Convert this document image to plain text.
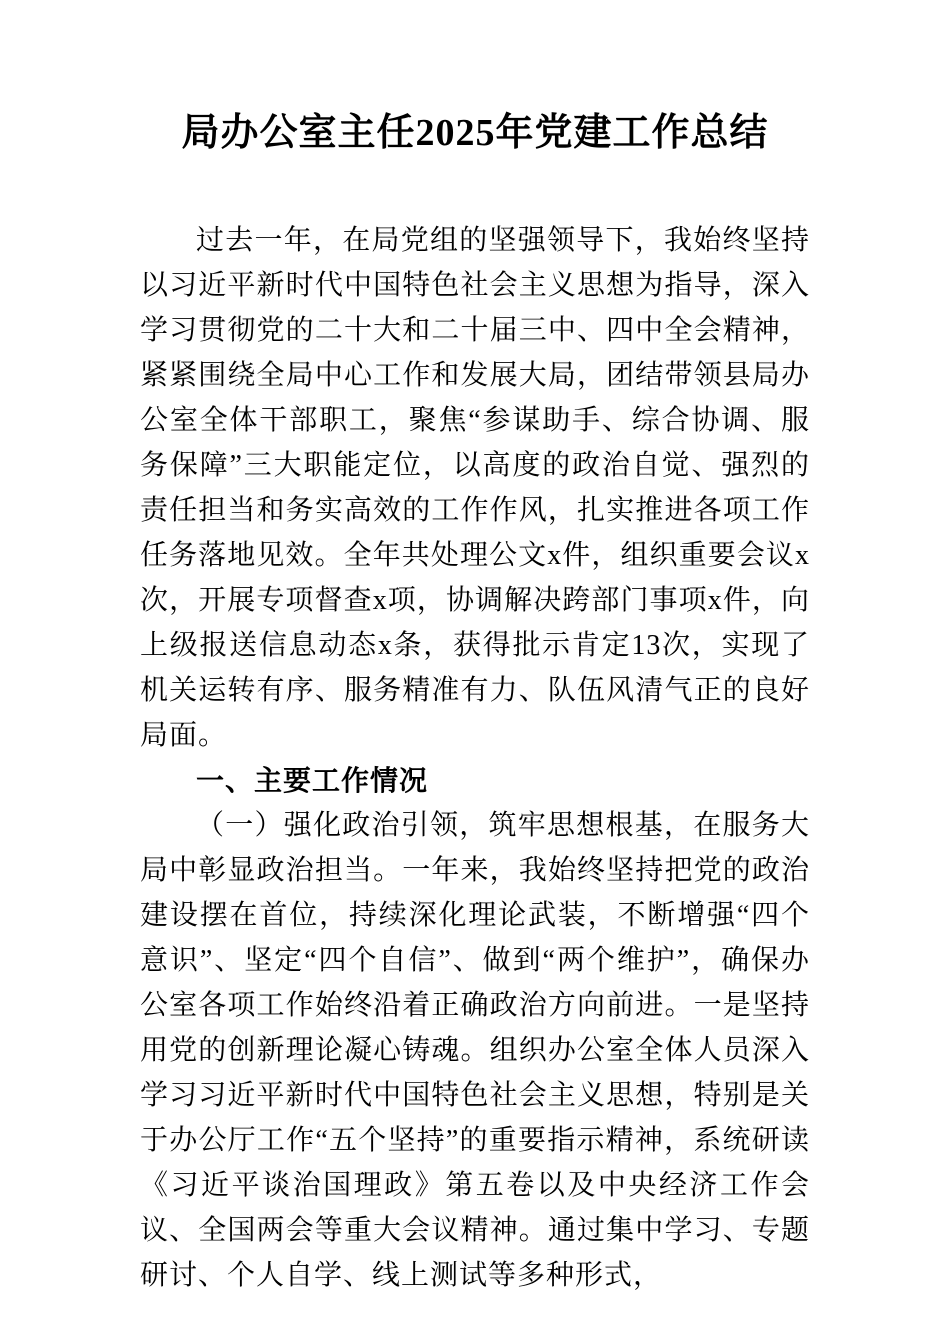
局办公室主任2025年党建工作总结

过去一年，在局党组的坚强领导下，我始终坚持以习近平新时代中国特色社会主义思想为指导，深入学习贯彻党的二十大和二十届三中、四中全会精神，紧紧围绕全局中心工作和发展大局，团结带领县局办公室全体干部职工，聚焦“参谋助手、综合协调、服务保障”三大职能定位，以高度的政治自觉、强烈的责任担当和务实高效的工作作风，扎实推进各项工作任务落地见效。全年共处理公文x件，组织重要会议x次，开展专项督查x项，协调解决跨部门事项x件，向上级报送信息动态x条，获得批示肯定13次，实现了机关运转有序、服务精准有力、队伍风清气正的良好局面。

一、主要工作情况

（一）强化政治引领，筑牢思想根基，在服务大局中彰显政治担当。一年来，我始终坚持把党的政治建设摆在首位，持续深化理论武装，不断增强“四个意识”、坚定“四个自信”、做到“两个维护”，确保办公室各项工作始终沿着正确政治方向前进。一是坚持用党的创新理论凝心铸魂。组织办公室全体人员深入学习习近平新时代中国特色社会主义思想，特别是关于办公厅工作“五个坚持”的重要指示精神，系统研读《习近平谈治国理政》第五卷以及中央经济工作会议、全国两会等重大会议精神。通过集中学习、专题研讨、个人自学、线上测试等多种形式，
